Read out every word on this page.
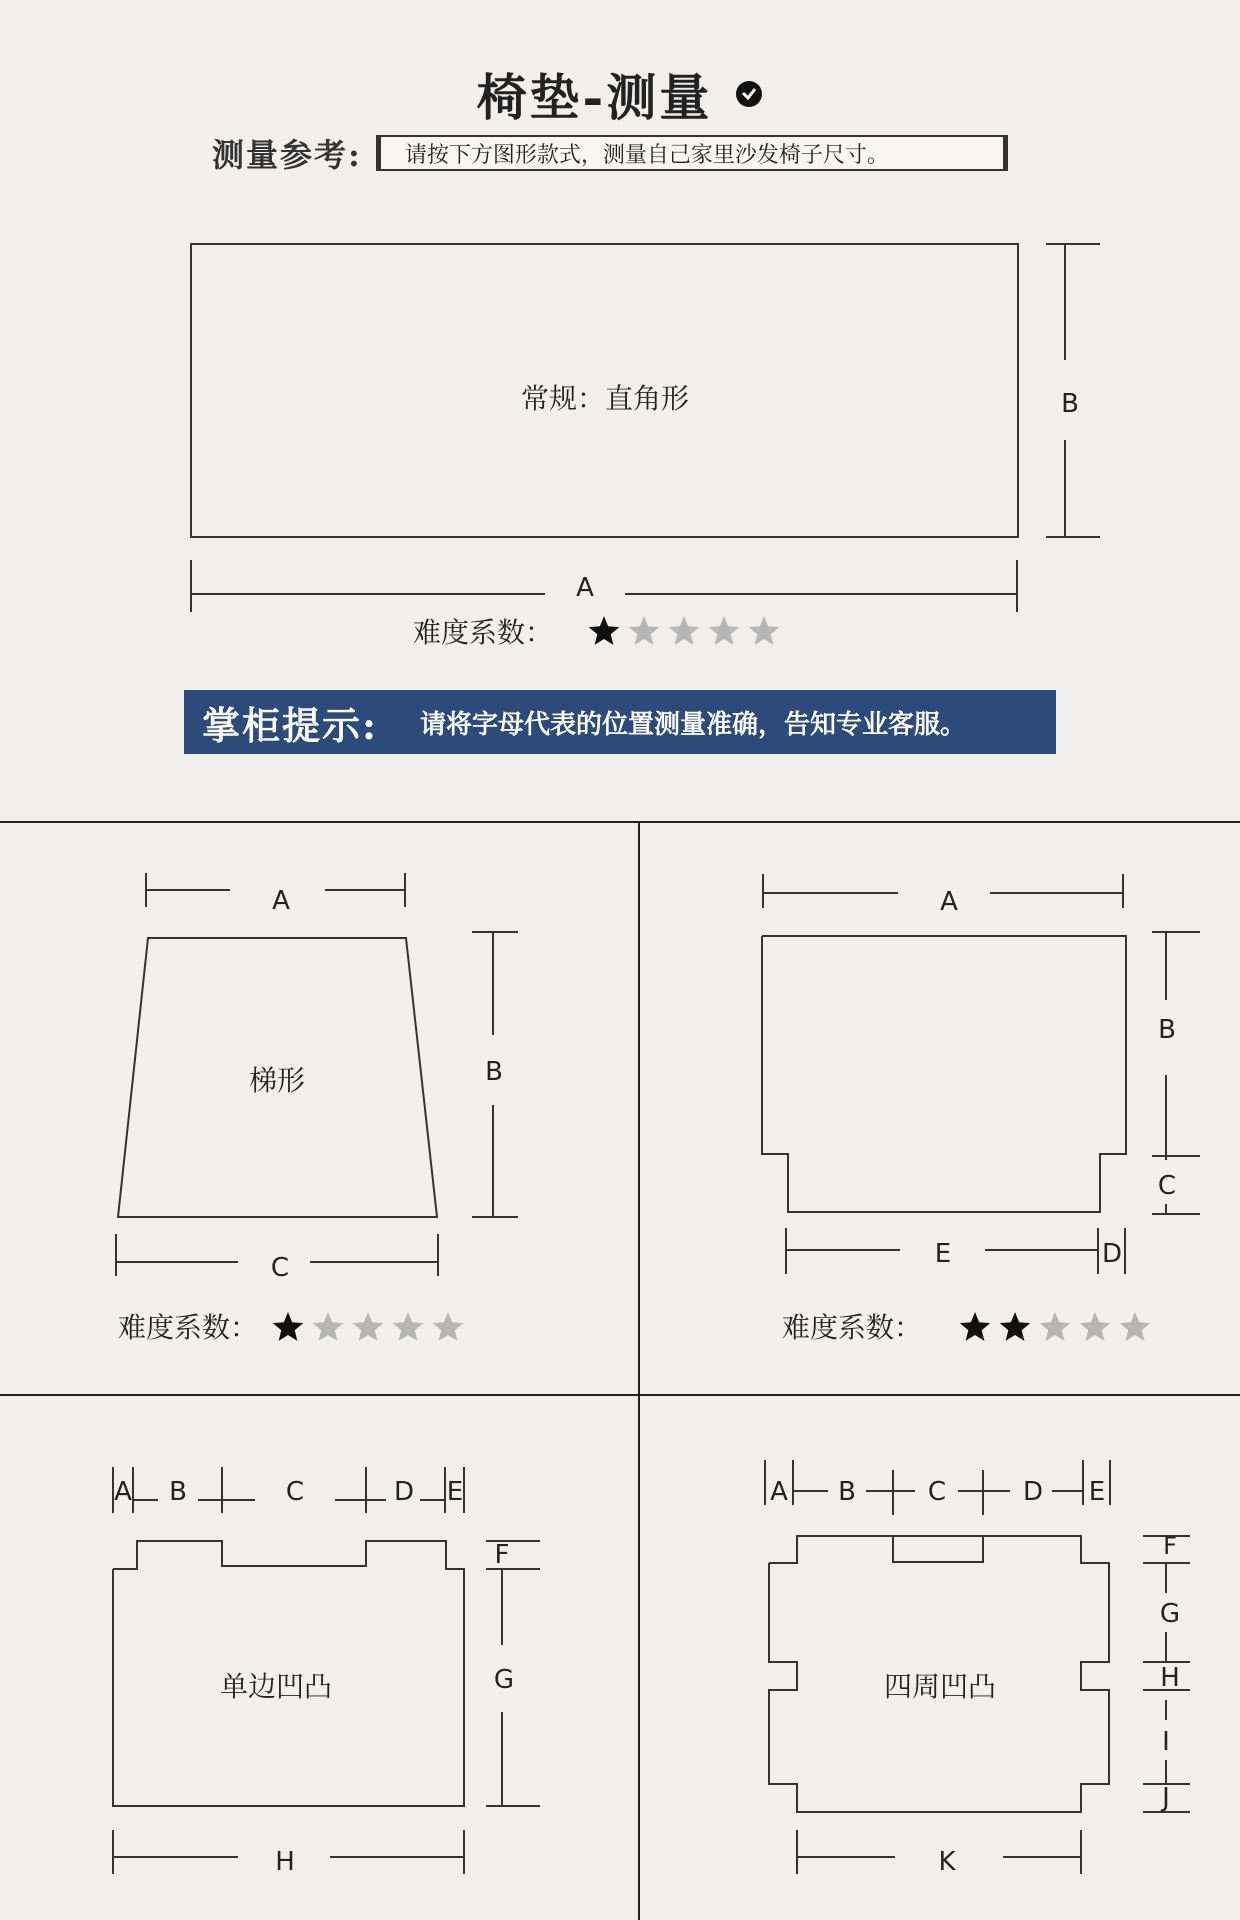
椅垫-测量
测量参考: 请按下方图形款式，测量自己家里沙发椅子尺寸。
掌柜提示: 请将字母代表的位置测量准确，告知专业客服。
常规：直角形	B
A
难度系数：
梯形
A
B
C
难度系数：
A
B
C
D
E
难度系数：
单边凹凸
A B	C	D E
F
G
H
四周凹凸
A B	C	D E
F
G
H
I
J
K
